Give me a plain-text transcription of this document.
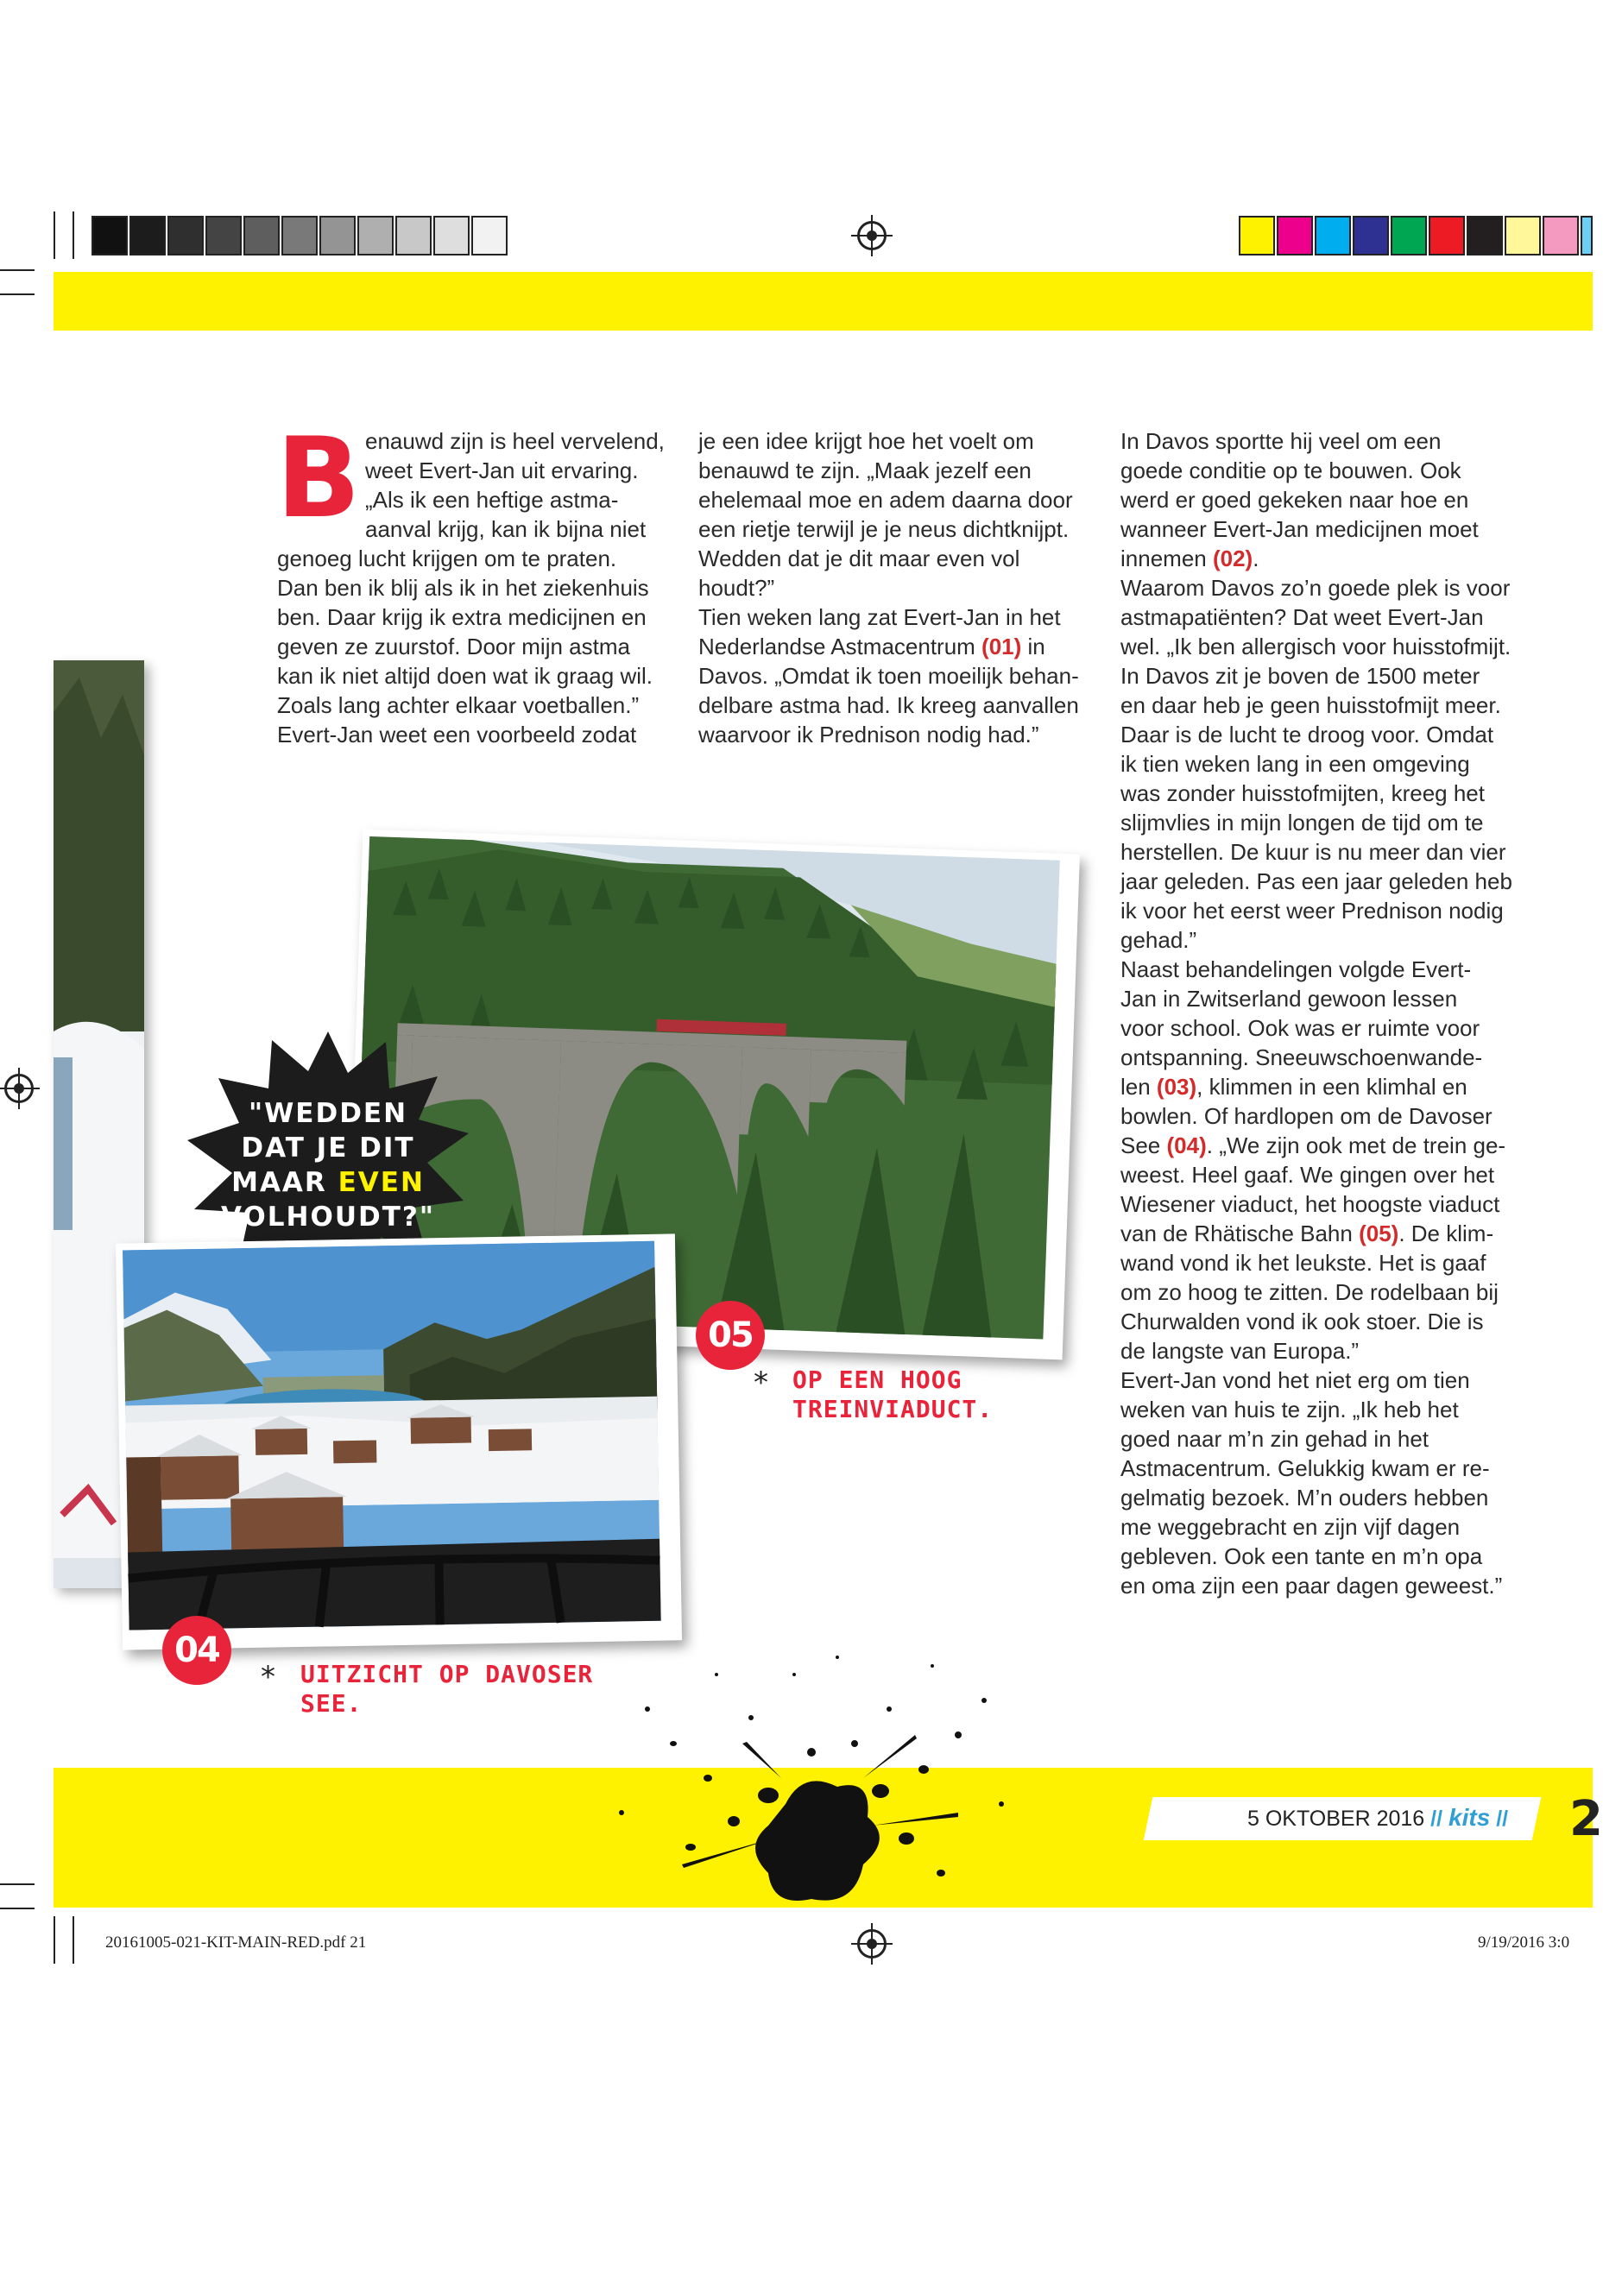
B enauwd zijn is heel vervelend,
weet Evert-Jan uit ervaring.
„Als ik een heftige astma-
aanval krijg, kan ik bijna niet
genoeg lucht krijgen om te praten.
Dan ben ik blij als ik in het ziekenhuis
ben. Daar krijg ik extra medicijnen en
geven ze zuurstof. Door mijn astma
kan ik niet altijd doen wat ik graag wil.
Zoals lang achter elkaar voetballen.”
Evert-Jan weet een voorbeeld zodat
je een idee krijgt hoe het voelt om
benauwd te zijn. „Maak jezelf een
ehelemaal moe en adem daarna door
een rietje terwijl je je neus dichtknijpt.
Wedden dat je dit maar even vol
houdt?”
Tien weken lang zat Evert-Jan in het
Nederlandse Astmacentrum (01) in
Davos. „Omdat ik toen moeilijk behan-
delbare astma had. Ik kreeg aanvallen
waarvoor ik Prednison nodig had.”
In Davos sportte hij veel om een
goede conditie op te bouwen. Ook
werd er goed gekeken naar hoe en
wanneer Evert-Jan medicijnen moet
innemen (02).
Waarom Davos zo’n goede plek is voor
astmapatiënten? Dat weet Evert-Jan
wel. „Ik ben allergisch voor huisstofmijt.
In Davos zit je boven de 1500 meter
en daar heb je geen huisstofmijt meer.
Daar is de lucht te droog voor. Omdat
ik tien weken lang in een omgeving
was zonder huisstofmijten, kreeg het
slijmvlies in mijn longen de tijd om te
herstellen. De kuur is nu meer dan vier
jaar geleden. Pas een jaar geleden heb
ik voor het eerst weer Prednison nodig
gehad.”
Naast behandelingen volgde Evert-
Jan in Zwitserland gewoon lessen
voor school. Ook was er ruimte voor
ontspanning. Sneeuwschoenwande-
len (03), klimmen in een klimhal en
bowlen. Of hardlopen om de Davoser
See (04). „We zijn ook met de trein ge-
weest. Heel gaaf. We gingen over het
Wiesener viaduct, het hoogste viaduct
van de Rhätische Bahn (05). De klim-
wand vond ik het leukste. Het is gaaf
om zo hoog te zitten. De rodelbaan bij
Churwalden vond ik ook stoer. Die is
de langste van Europa.”
Evert-Jan vond het niet erg om tien
weken van huis te zijn. „Ik heb het
goed naar m’n zin gehad in het
Astmacentrum. Gelukkig kwam er re-
gelmatig bezoek. M’n ouders hebben
me weggebracht en zijn vijf dagen
gebleven. Ook een tante en m’n opa
en oma zijn een paar dagen geweest.”
05
* OP EEN HOOG
TREINVIADUCT.
"WEDDEN
DAT JE DIT
MAAR EVEN
VOLHOUDT?"
04
* UITZICHT OP DAVOSER
SEE.
5 OKTOBER 2016 // kits // 2
20161005-021-KIT-MAIN-RED.pdf 21	9/19/2016 3:0
